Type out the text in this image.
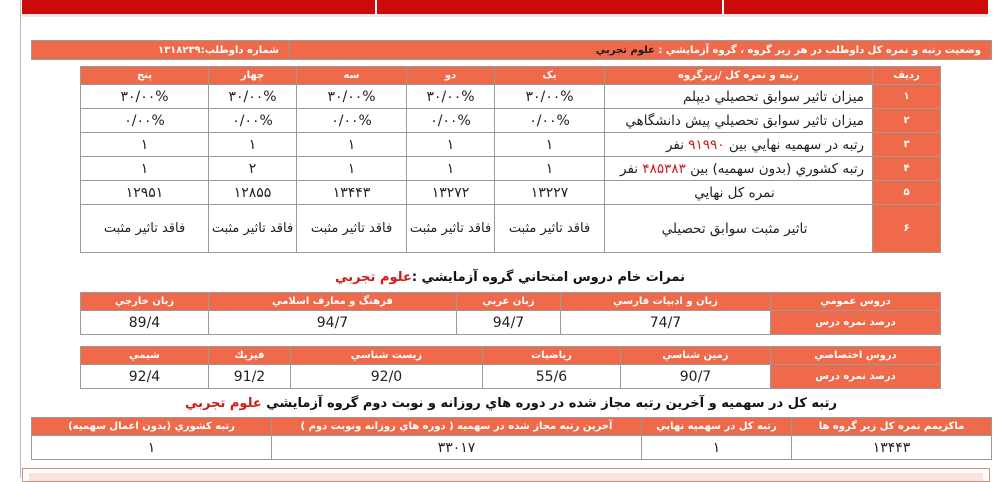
وضعيت رتبه و نمره كل داوطلب در هر زير گروه ، گروه آزمايشي : علوم تجربي	شماره داوطلب:۱۳۱۸۲۳۹
رديف	رتبه و نمره كل /زيرگروه	يک	دو	سه	چهار	پنج
۱	ميزان تاثير سوابق تحصيلي ديپلم	۳۰/۰۰%	۳۰/۰۰%	۳۰/۰۰%	۳۰/۰۰%	۳۰/۰۰%
۲	ميزان تاثير سوابق تحصيلي پيش دانشگاهي	۰/۰۰%	۰/۰۰%	۰/۰۰%	۰/۰۰%	۰/۰۰%
۳	رتبه در سهميه نهايي بين ۹۱۹۹۰ نفر	۱	۱	۱	۱	۱
۴	رتبه كشوري (بدون سهميه) بين ۴۸۵۳۸۳ نفر	۱	۱	۱	۲	۱
۵	نمره كل نهايي	۱۳۲۲۷	۱۳۲۷۲	۱۳۴۴۳	۱۲۸۵۵	۱۲۹۵۱
۶	تاثير مثبت سوابق تحصيلي	فاقد تاثير مثبت	فاقد تاثير مثبت	فاقد تاثير مثبت	فاقد تاثير مثبت	فاقد تاثير مثبت
نمرات خام دروس امتحاني گروه آزمايشي :علوم تجربي
دروس عمومي	زبان و ادبيات فارسي	زبان عربي	فرهنگ و معارف اسلامي	زبان خارجي
درصد نمره درس	74/7	94/7	94/7	89/4
دروس اختصاصي	زمين شناسي	رياضيات	زيست شناسي	فيزيك	شيمي
درصد نمره درس	90/7	55/6	92/0	91/2	92/4
رتبه كل در سهميه و آخرين رتبه مجاز شده در دوره هاي روزانه و نوبت دوم گروه آزمايشي علوم تجربي
ماكزيمم نمره كل زير گروه ها	رتبه كل در سهميه نهايي	آخرين رتبه مجاز شده در سهميه ( دوره هاي روزانه ونوبت دوم )	رتبه كشوري (بدون اعمال سهميه)
۱۳۴۴۳	۱	۳۳۰۱۷	۱
